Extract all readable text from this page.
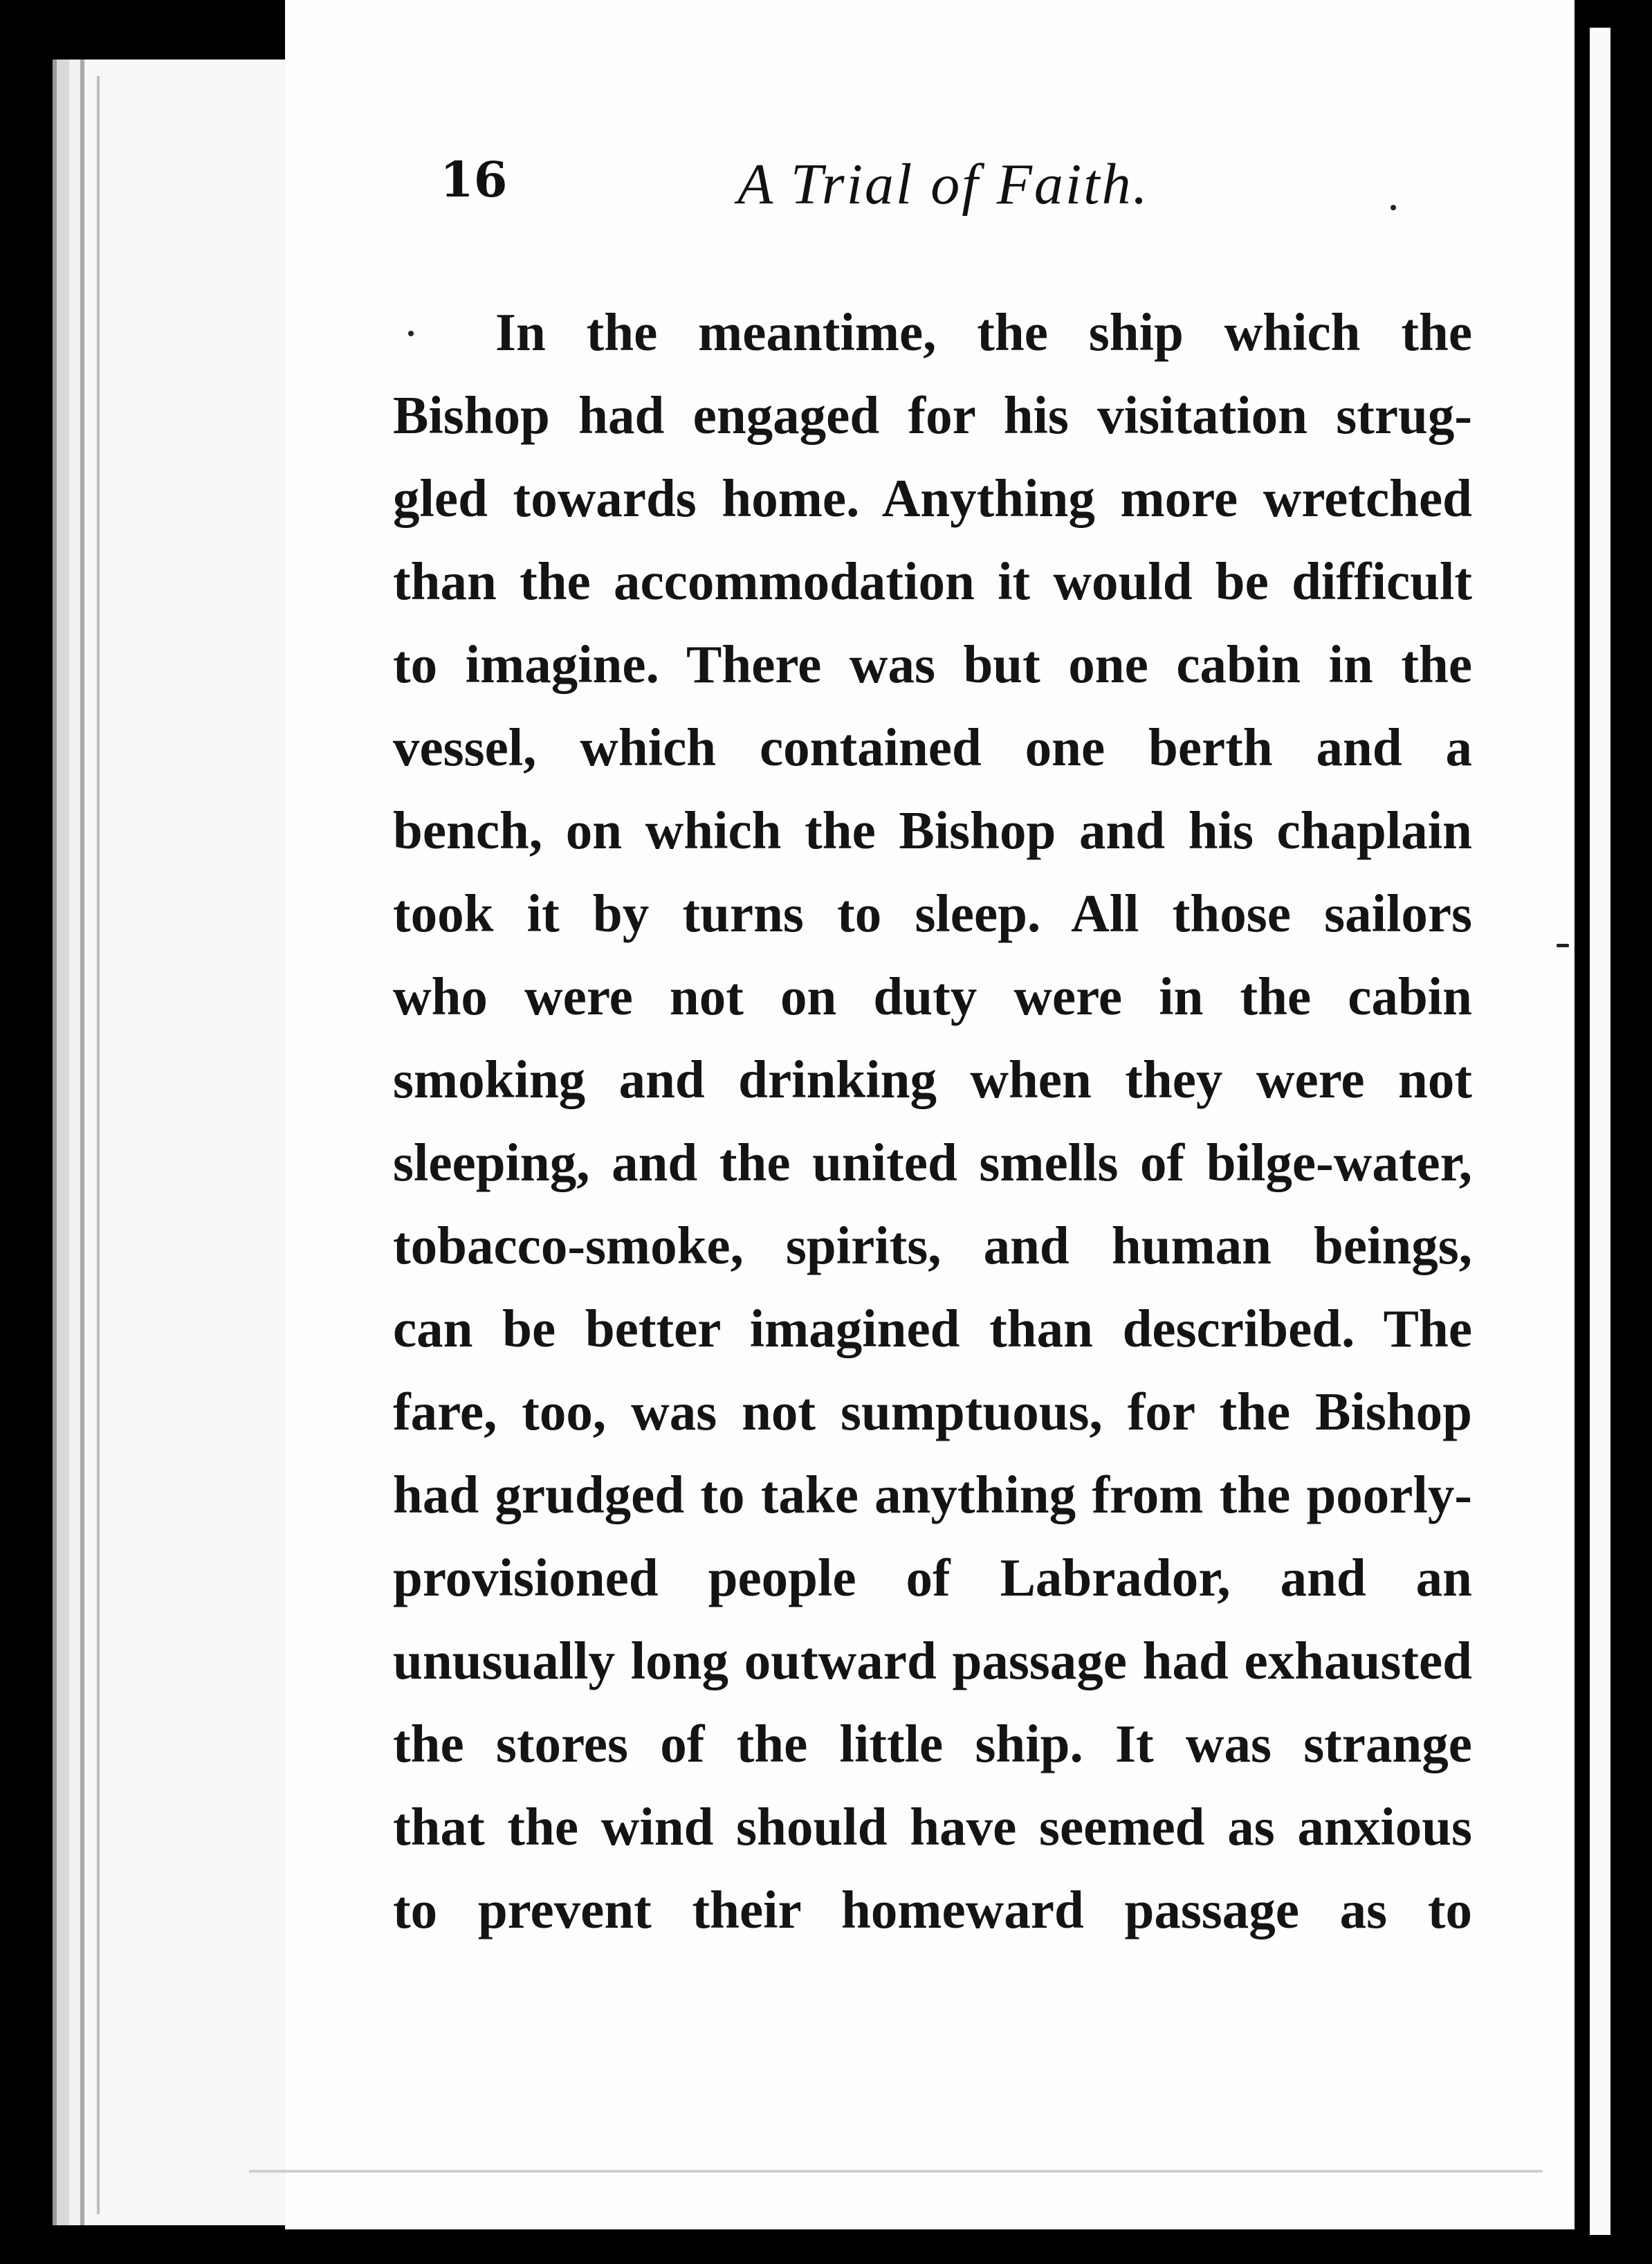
16	A Trial of Faith.
In the meantime, the ship which the
Bishop had engaged for his visitation strug-
gled towards home. Anything more wretched
than the accommodation it would be difficult
to imagine. There was but one cabin in the
vessel, which contained one berth and a
bench, on which the Bishop and his chaplain
took it by turns to sleep. All those sailors
who were not on duty were in the cabin
smoking and drinking when they were not
sleeping, and the united smells of bilge-water,
tobacco-smoke, spirits, and human beings,
can be better imagined than described. The
fare, too, was not sumptuous, for the Bishop
had grudged to take anything from the poorly-
provisioned people of Labrador, and an
unusually long outward passage had exhausted
the stores of the little ship. It was strange
that the wind should have seemed as anxious
to prevent their homeward passage as to
